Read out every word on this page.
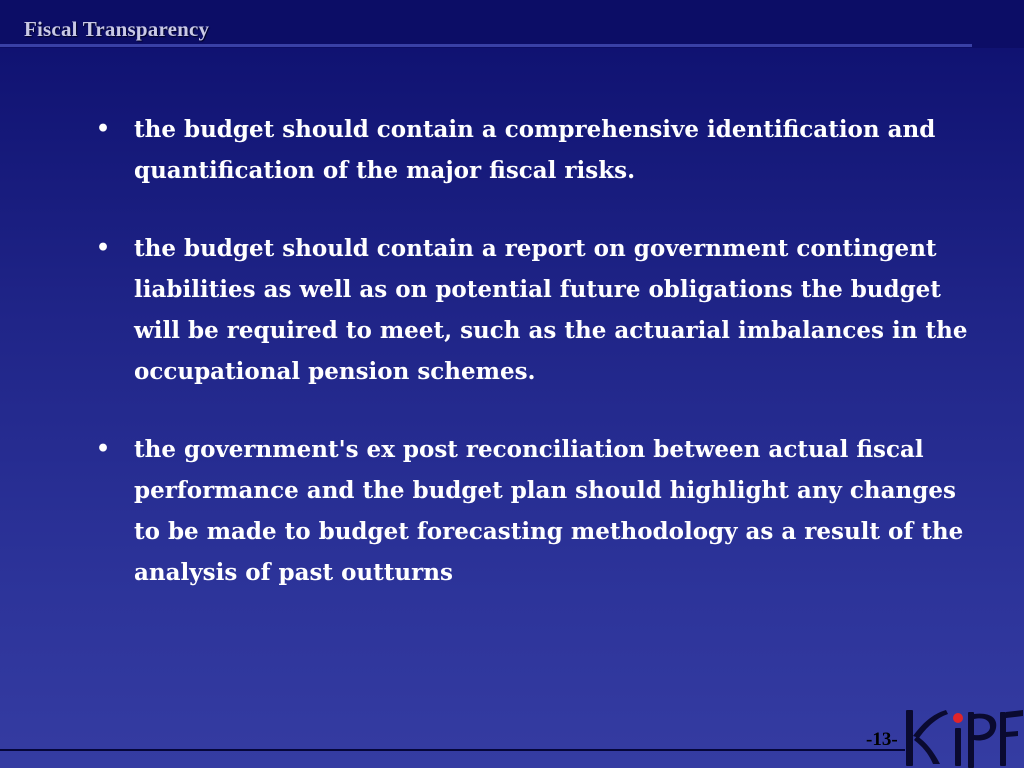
Fiscal Transparency
• the budget should contain a comprehensive identification and quantification of the major fiscal risks.
• the budget should contain a report on government contingent liabilities as well as on potential future obligations the budget will be required to meet, such as the actuarial imbalances in the occupational pension schemes.
• the government's ex post reconciliation between actual fiscal performance and the budget plan should highlight any changes to be made to budget forecasting methodology as a result of the analysis of past outturns
-13-
